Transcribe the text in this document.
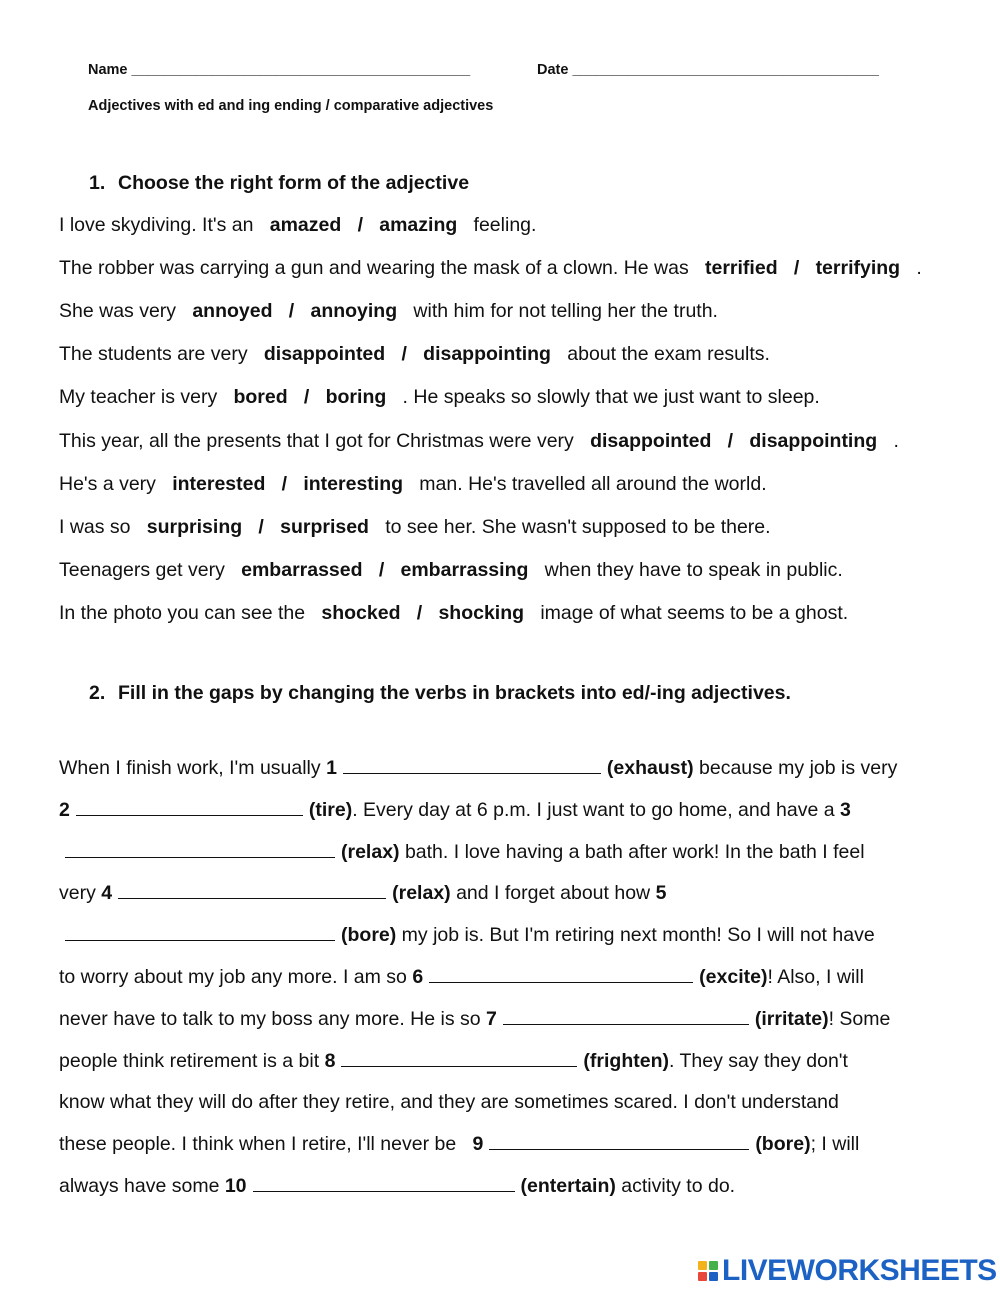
Name __________________________________________	Date ______________________________________
Adjectives with ed and ing ending / comparative adjectives
1. Choose the right form of the adjective
I love skydiving. It's an amazed / amazing feeling.
The robber was carrying a gun and wearing the mask of a clown. He was terrified / terrifying .
She was very annoyed / annoying with him for not telling her the truth.
The students are very disappointed / disappointing about the exam results.
My teacher is very bored / boring . He speaks so slowly that we just want to sleep.
This year, all the presents that I got for Christmas were very disappointed / disappointing .
He's a very interested / interesting man. He's travelled all around the world.
I was so surprising / surprised to see her. She wasn't supposed to be there.
Teenagers get very embarrassed / embarrassing when they have to speak in public.
In the photo you can see the shocked / shocking image of what seems to be a ghost.
2. Fill in the gaps by changing the verbs in brackets into ed/-ing adjectives.
When I finish work, I'm usually 1	(exhaust) because my job is very
2	(tire). Every day at 6 p.m. I just want to go home, and have a 3
(relax) bath. I love having a bath after work! In the bath I feel
very 4	(relax) and I forget about how 5
(bore) my job is. But I'm retiring next month! So I will not have
to worry about my job any more. I am so 6	(excite)! Also, I will
never have to talk to my boss any more. He is so 7	(irritate)! Some
people think retirement is a bit 8	(frighten). They say they don't
know what they will do after they retire, and they are sometimes scared. I don't understand
these people. I think when I retire, I'll never be   9	(bore); I will
always have some 10	(entertain) activity to do.
LIVEWORKSHEETS
